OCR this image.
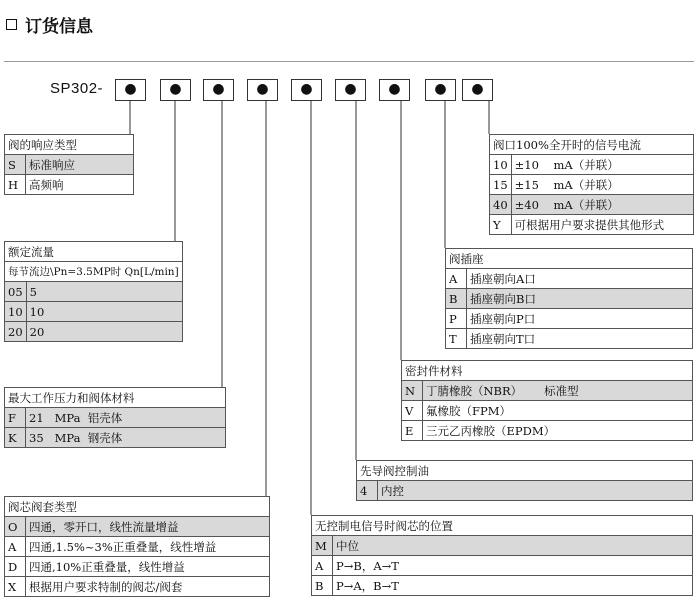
订货信息
SP302-	●	●	●	●	●	●	●	●	●
阀的响应类型	
S	标准响应
H	高频响
额定流量	
每节流边\Pn=3.5MP时 Qn[L/min]	
05	5
10	10
20	20
最大工作压力和阀体材料	
F	21   MPa  铝壳体
K	35   MPa  钢壳体
阀芯阀套类型	
O	四通，零开口，线性流量增益
A	四通,1.5%~3%正重叠量，线性增益
D	四通,10%正重叠量，线性增益
X	根据用户要求特制的阀芯/阀套
阀口100%全开时的信号电流	
10	±10    mA（并联）
15	±15    mA（并联）
40	±40    mA（并联）
Y	可根据用户要求提供其他形式
阀插座	
A	插座朝向A口
B	插座朝向B口
P	插座朝向P口
T	插座朝向T口
密封件材料	
N	丁腈橡胶（NBR）      标准型
V	氟橡胶（FPM）
E	三元乙丙橡胶（EPDM）
先导阀控制油
4	内控
无控制电信号时阀芯的位置	
M	中位
A	P→B，A→T
B	P→A，B→T
